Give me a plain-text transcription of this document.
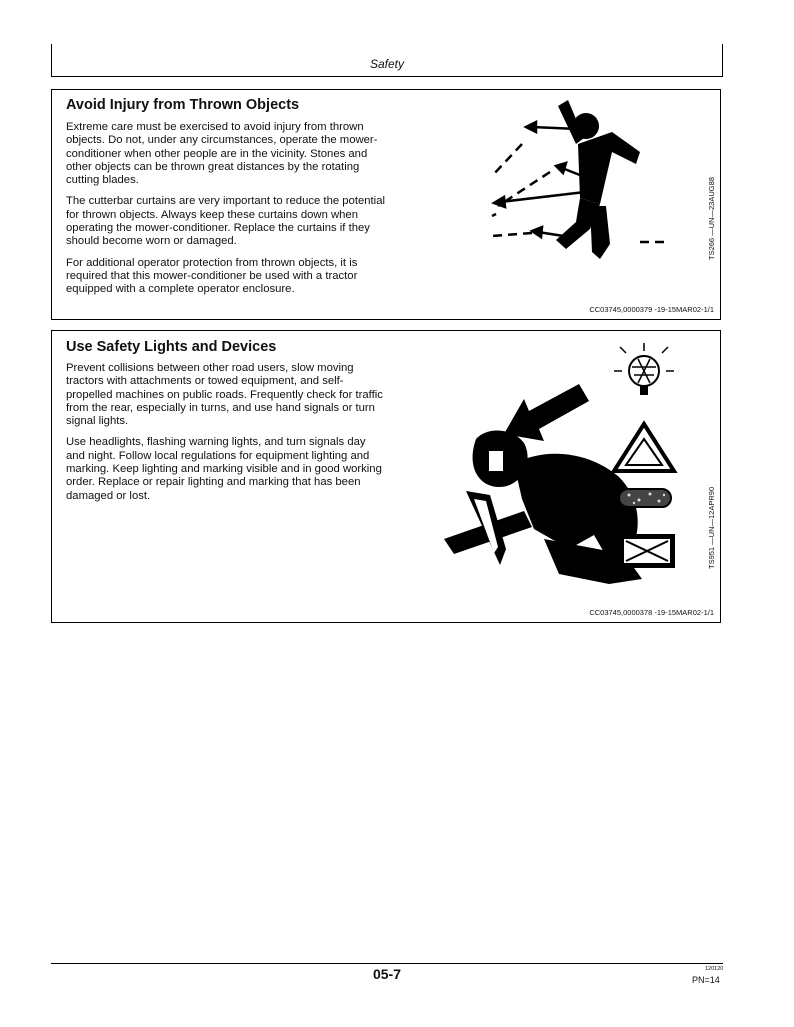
Safety
Avoid Injury from Thrown Objects

Extreme care must be exercised to avoid injury from thrown objects. Do not, under any circumstances, operate the mower-conditioner when other people are in the vicinity. Stones and other objects can be thrown great distances by the rotating cutting blades.

The cutterbar curtains are very important to reduce the potential for thrown objects. Always keep these curtains down when operating the mower-conditioner. Replace the curtains if they should become worn or damaged.

For additional operator protection from thrown objects, it is required that this mower-conditioner be used with a tractor equipped with a complete operator enclosure.

TS266 —UN—23AUG88
CC03745,0000379 -19-15MAR02-1/1
Use Safety Lights and Devices

Prevent collisions between other road users, slow moving tractors with attachments or towed equipment, and self-propelled machines on public roads. Frequently check for traffic from the rear, especially in turns, and use hand signals or turn signal lights.

Use headlights, flashing warning lights, and turn signals day and night. Follow local regulations for equipment lighting and marking. Keep lighting and marking visible and in good working order. Replace or repair lighting and marking that has been damaged or lost.	TS951 —UN—12APR90
CC03745,0000378 -19-15MAR02-1/1
05-7	120120
PN=14
